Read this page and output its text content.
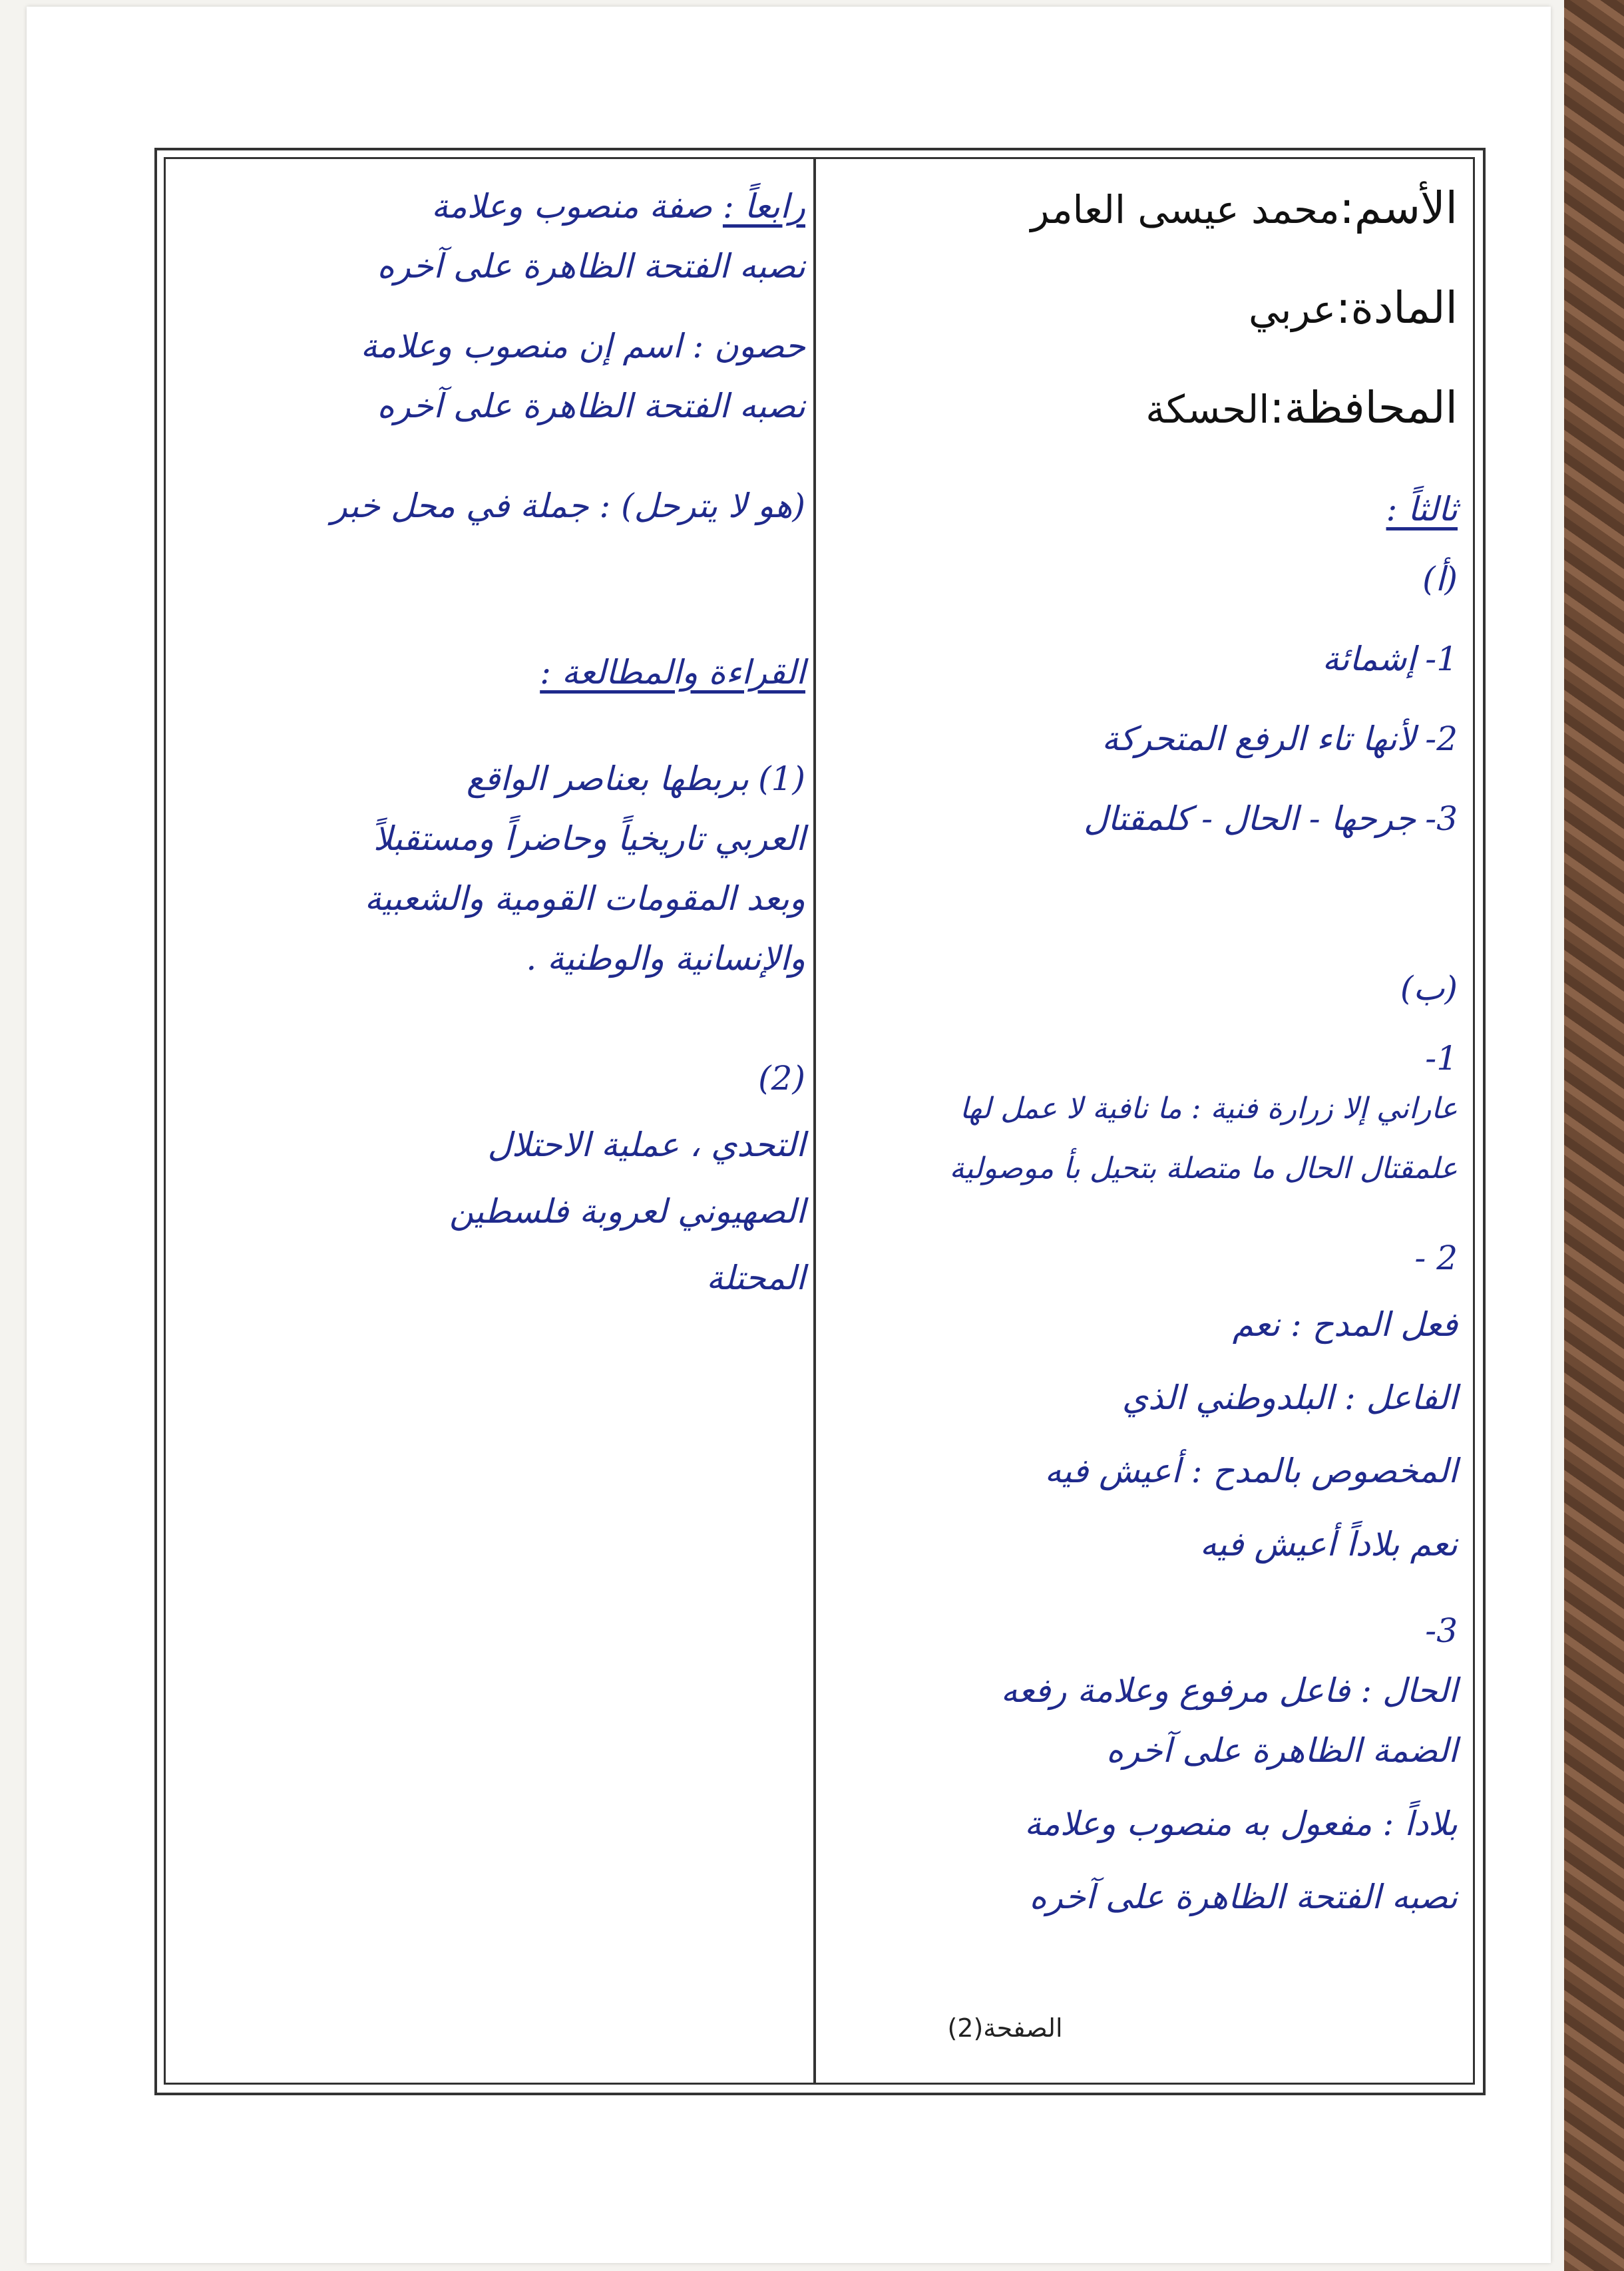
الأسم:محمد عيسى العامر
المادة:عربي
المحافظة:الحسكة
ثالثاً :
(أ)
1-إشمائة
2-لأنها تاء الرفع المتحركة
3-جرحها - الحال - كلمقتال
(ب)
1-
عاراني إلا زرارة فنية : ما نافية لا عمل لها
علمقتال الحال ما متصلة بتحيل بأ موصولية
2 -
فعل المدح : نعم
الفاعل : البلدوطني الذي
المخصوص بالمدح : أعيش فيه
نعم بلاداً أعيش فيه
3-
الحال : فاعل مرفوع وعلامة رفعه
الضمة الظاهرة على آخره
بلاداً : مفعول به منصوب وعلامة
نصبه الفتحة الظاهرة على آخره
رابعاً : صفة منصوب وعلامة
نصبه الفتحة الظاهرة على آخره
حصون : اسم إن منصوب وعلامة
نصبه الفتحة الظاهرة على آخره
(هو لا يترحل) : جملة في محل خبر
القراءة والمطالعة :
(1)بربطها بعناصر الواقع
العربي تاريخياً وحاضراً ومستقبلاً
وبعد المقومات القومية والشعبية
والإنسانية والوطنية .
(2)
التحدي ، عملية الاحتلال
الصهيوني لعروبة فلسطين
المحتلة
الصفحة(2)
